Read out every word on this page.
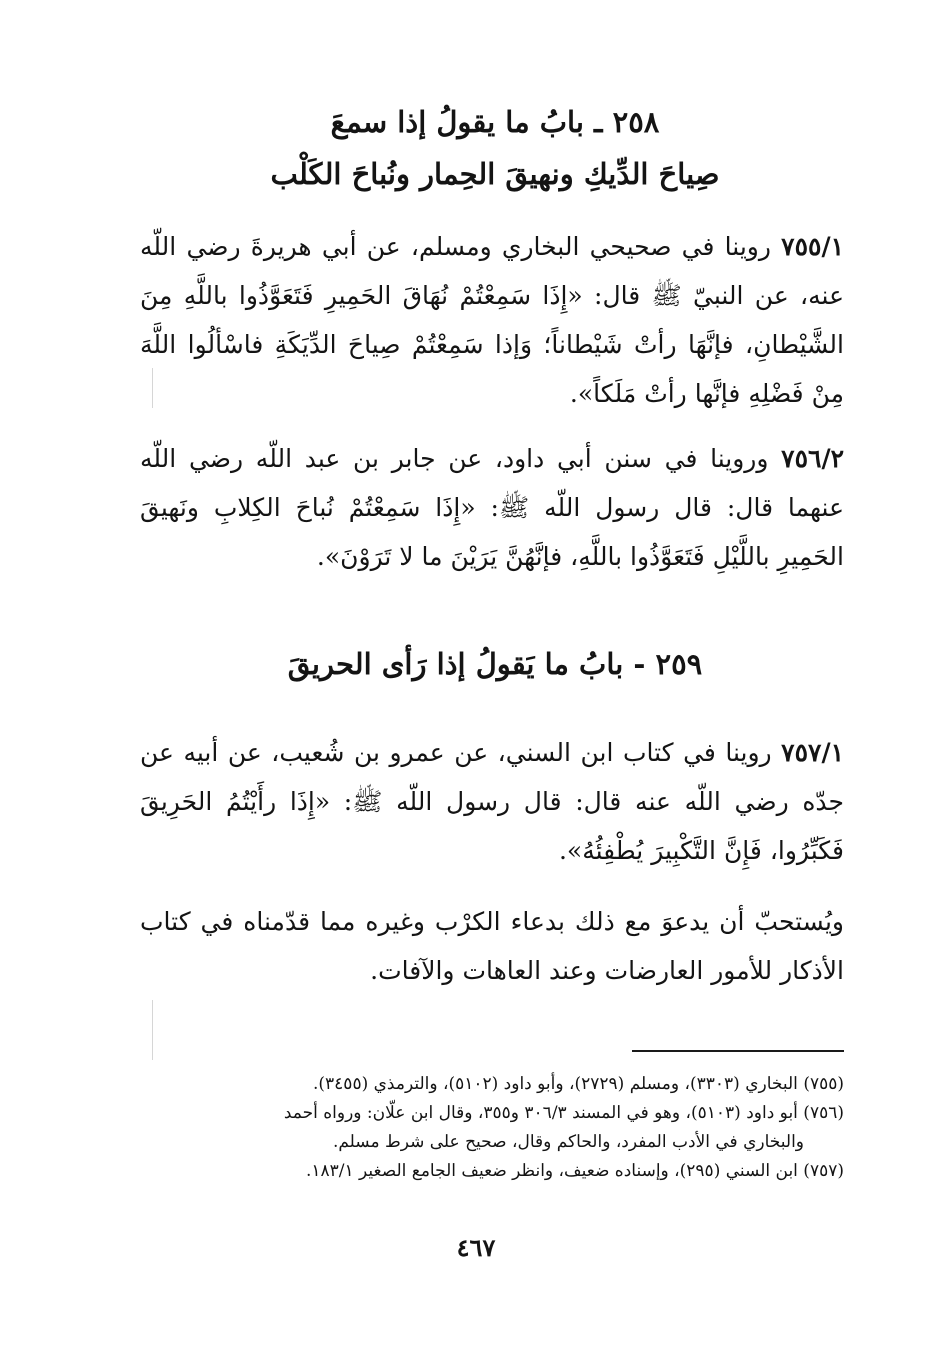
٢٥٨ ـ بابُ ما يقولُ إذا سمعَ
صِياحَ الدِّيكِ ونهيقَ الحِمار ونُباحَ الكَلْب
٧٥٥/١ روينا في صحيحي البخاري ومسلم، عن أبي هريرةَ رضي اللّه عنه، عن النبيّ ﷺ قال: «إِذَا سَمِعْتُمْ نُهَاقَ الحَمِيرِ فَتَعَوَّذُوا باللَّهِ مِنَ الشَّيْطانِ، فإنَّهَا رأتْ شَيْطاناً؛ وَإذا سَمِعْتُمْ صِياحَ الدِّيَكَةِ فاسْألُوا اللَّهَ مِنْ فَضْلِهِ فإنَّها رأتْ مَلَكاً».
٧٥٦/٢ وروينا في سنن أبي داود، عن جابر بن عبد اللّه رضي اللّه عنهما قال: قال رسول اللّه ﷺ: «إِذَا سَمِعْتُمْ نُباحَ الكِلابِ ونَهيقَ الحَمِيرِ باللَّيْلِ فَتَعَوَّذُوا باللَّهِ، فإنَّهُنَّ يَرَيْنَ ما لا تَرَوْنَ».
٢٥٩ - بابُ ما يَقولُ إذا رَأى الحريقَ
٧٥٧/١ روينا في كتاب ابن السني، عن عمرو بن شُعيب، عن أبيه عن جدّه رضي اللّه عنه قال: قال رسول اللّه ﷺ: «إِذَا رأَيْتُمُ الحَرِيقَ فَكَبِّرُوا، فَإِنَّ التَّكْبِيرَ يُطْفِئُهُ».
ويُستحبّ أن يدعوَ مع ذلك بدعاء الكرْب وغيره مما قدّمناه في كتاب الأذكار للأمور العارضات وعند العاهات والآفات.
(٧٥٥) البخاري (٣٣٠٣)، ومسلم (٢٧٢٩)، وأبو داود (٥١٠٢)، والترمذي (٣٤٥٥).
(٧٥٦) أبو داود (٥١٠٣)، وهو في المسند ٣٠٦/٣ و٣٥٥، وقال ابن علّان: ورواه أحمد
والبخاري في الأدب المفرد، والحاكم وقال، صحيح على شرط مسلم.
(٧٥٧) ابن السني (٢٩٥)، وإسناده ضعيف، وانظر ضعيف الجامع الصغير ١٨٣/١.
٤٦٧
